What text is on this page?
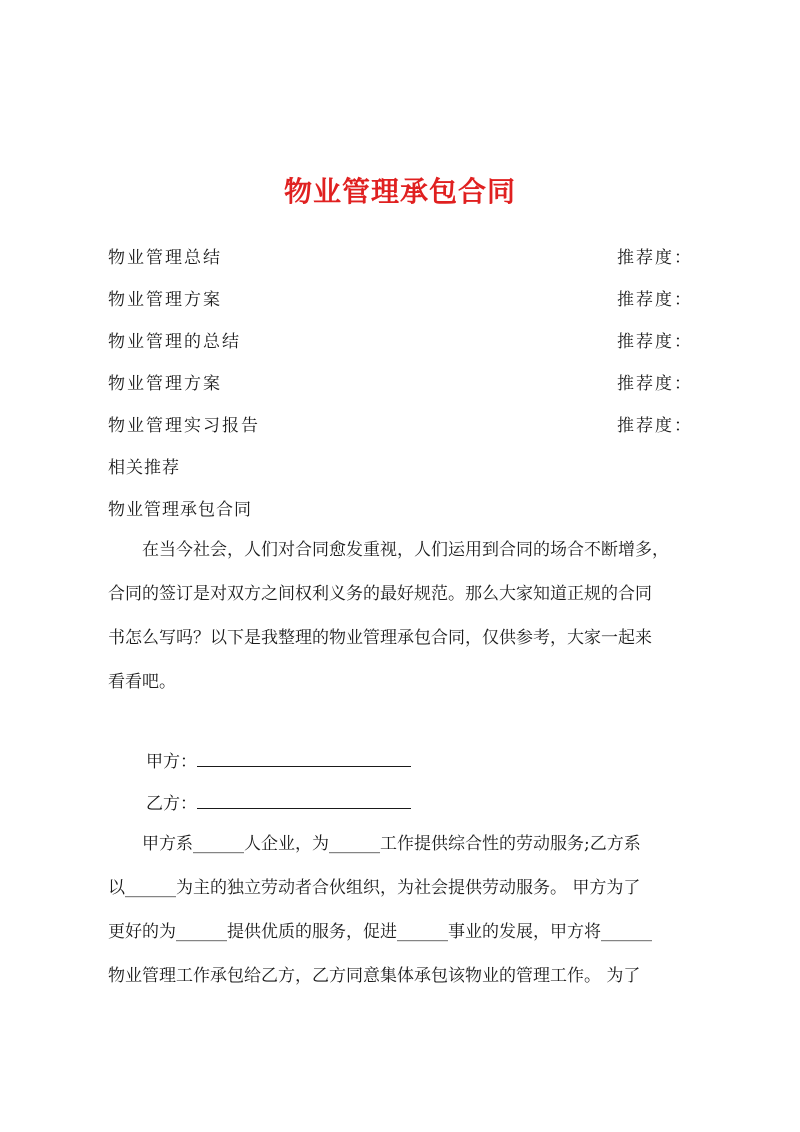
物业管理承包合同
物业管理总结	推荐度：
物业管理方案	推荐度：
物业管理的总结	推荐度：
物业管理方案	推荐度：
物业管理实习报告	推荐度：
相关推荐
物业管理承包合同
　　在当今社会，人们对合同愈发重视，人们运用到合同的场合不断增多，
合同的签订是对双方之间权利义务的最好规范。那么大家知道正规的合同
书怎么写吗？以下是我整理的物业管理承包合同，仅供参考，大家一起来
看看吧。
甲方：
乙方：
　　甲方系______人企业，为______工作提供综合性的劳动服务;乙方系
以______为主的独立劳动者合伙组织，为社会提供劳动服务。 甲方为了
更好的为______提供优质的服务，促进______事业的发展，甲方将______
物业管理工作承包给乙方，乙方同意集体承包该物业的管理工作。 为了
